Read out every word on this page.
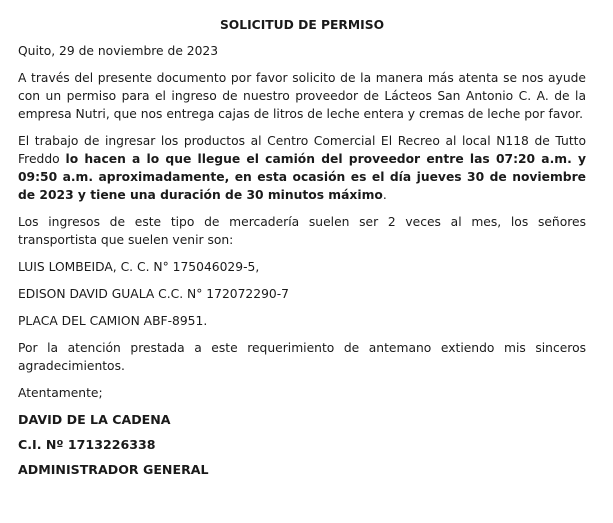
SOLICITUD DE PERMISO

Quito, 29 de noviembre de 2023

A través del presente documento por favor solicito de la manera más atenta se nos ayude con un permiso para el ingreso de nuestro proveedor de Lácteos San Antonio C. A. de la empresa Nutri, que nos entrega cajas de litros de leche entera y cremas de leche por favor.

El trabajo de ingresar los productos al Centro Comercial El Recreo al local N118 de Tutto Freddo lo hacen a lo que llegue el camión del proveedor entre las 07:20 a.m. y 09:50 a.m. aproximadamente, en esta ocasión es el día jueves 30 de noviembre de 2023 y tiene una duración de 30 minutos máximo.

Los ingresos de este tipo de mercadería suelen ser 2 veces al mes, los señores transportista que suelen venir son:

LUIS LOMBEIDA, C. C. N° 175046029-5,

EDISON DAVID GUALA C.C. N° 172072290-7

PLACA DEL CAMION ABF-8951.

Por la atención prestada a este requerimiento de antemano extiendo mis sinceros agradecimientos.

Atentamente;

DAVID DE LA CADENA
C.I. Nº 1713226338
ADMINISTRADOR GENERAL
